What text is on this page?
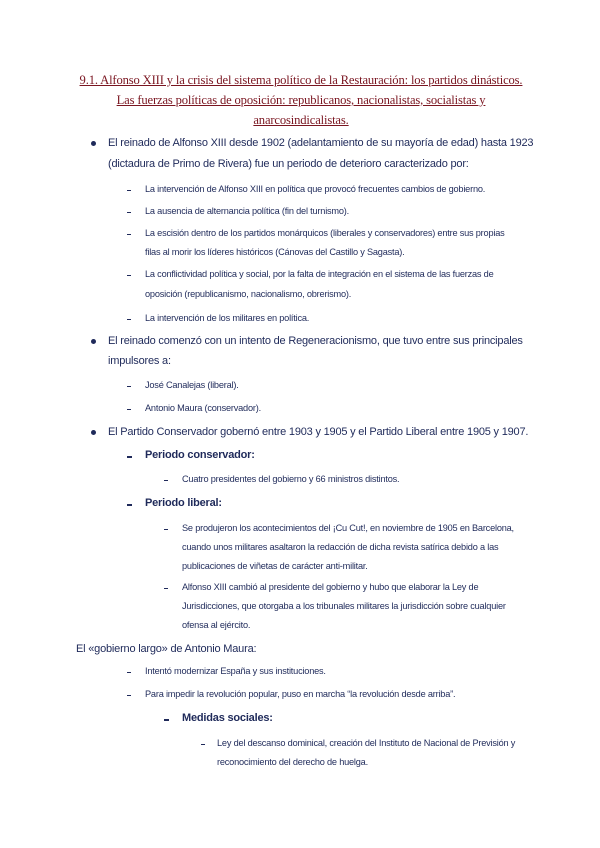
9.1. Alfonso XIII y la crisis del sistema político de la Restauración: los partidos dinásticos. Las fuerzas políticas de oposición: republicanos, nacionalistas, socialistas y anarcosindicalistas.
El reinado de Alfonso XIII desde 1902 (adelantamiento de su mayoría de edad) hasta 1923
(dictadura de Primo de Rivera) fue un periodo de deterioro caracterizado por:
La intervención de Alfonso XIII en política que provocó frecuentes cambios de gobierno.
La ausencia de alternancia política (fin del turnismo).
La escisión dentro de los partidos monárquicos (liberales y conservadores) entre sus propias
filas al morir los líderes históricos (Cánovas del Castillo y Sagasta).
La conflictividad política y social, por la falta de integración en el sistema de las fuerzas de
oposición (republicanismo, nacionalismo, obrerismo).
La intervención de los militares en política.
El reinado comenzó con un intento de Regeneracionismo, que tuvo entre sus principales
impulsores a:
José Canalejas (liberal).
Antonio Maura (conservador).
El Partido Conservador gobernó entre 1903 y 1905 y el Partido Liberal entre 1905 y 1907.
Periodo conservador:
Cuatro presidentes del gobierno y 66 ministros distintos.
Periodo liberal:
Se produjeron los acontecimientos del ¡Cu Cut!, en noviembre de 1905 en Barcelona,
cuando unos militares asaltaron la redacción de dicha revista satírica debido a las
publicaciones de viñetas de carácter anti-militar.
Alfonso XIII cambió al presidente del gobierno y hubo que elaborar la Ley de
Jurisdicciones, que otorgaba a los tribunales militares la jurisdicción sobre cualquier
ofensa al ejército.
El «gobierno largo» de Antonio Maura:
Intentó modernizar España y sus instituciones.
Para impedir la revolución popular, puso en marcha “la revolución desde arriba”.
Medidas sociales:
Ley del descanso dominical, creación del Instituto de Nacional de Previsión y
reconocimiento del derecho de huelga.
